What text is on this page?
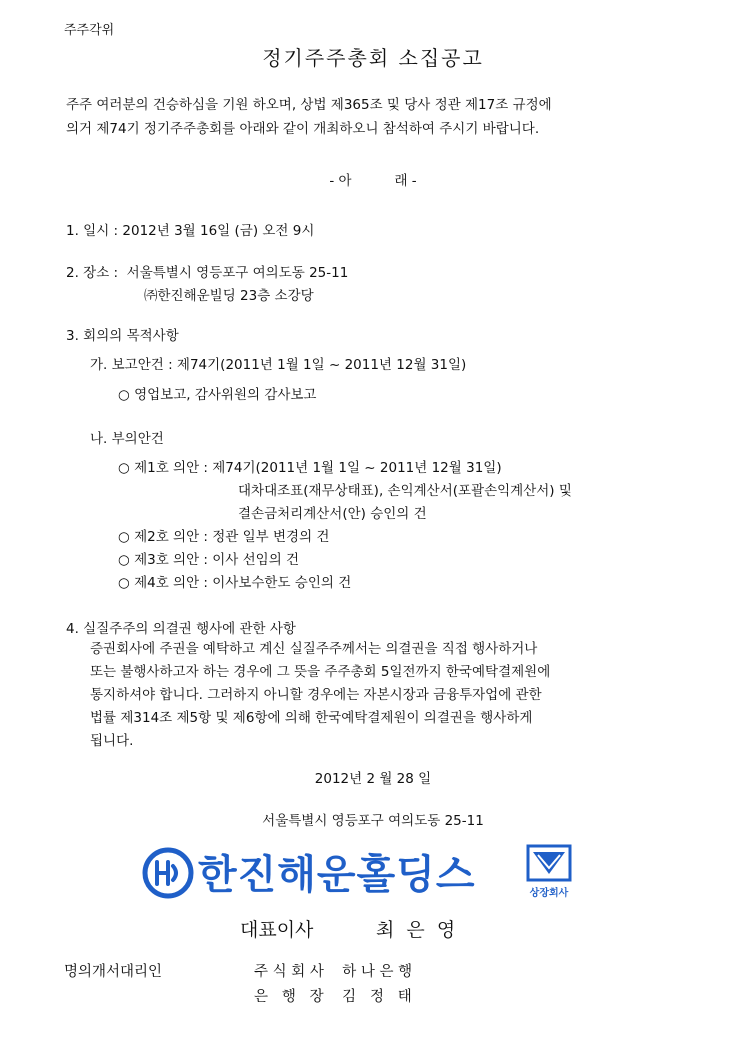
주주각위
정기주주총회 소집공고
주주 여러분의 건승하심을 기원 하오며, 상법 제365조 및 당사 정관 제17조 규정에
의거 제74기 정기주주총회를 아래와 같이 개최하오니 참석하여 주시기 바랍니다.
- 아          래 -
1. 일시 : 2012년 3월 16일 (금) 오전 9시
2. 장소 :  서울특별시 영등포구 여의도동 25-11
㈜한진해운빌딩 23층 소강당
3. 회의의 목적사항
가. 보고안건 : 제74기(2011년 1월 1일 ~ 2011년 12월 31일)
○ 영업보고, 감사위원의 감사보고
나. 부의안건
○ 제1호 의안 : 제74기(2011년 1월 1일 ~ 2011년 12월 31일)
대차대조표(재무상태표), 손익계산서(포괄손익계산서) 및
결손금처리계산서(안) 승인의 건
○ 제2호 의안 : 정관 일부 변경의 건
○ 제3호 의안 : 이사 선임의 건
○ 제4호 의안 : 이사보수한도 승인의 건
4. 실질주주의 의결권 행사에 관한 사항
증권회사에 주권을 예탁하고 계신 실질주주께서는 의결권을 직접 행사하거나
또는 불행사하고자 하는 경우에 그 뜻을 주주총회 5일전까지 한국예탁결제원에
통지하셔야 합니다. 그러하지 아니할 경우에는 자본시장과 금융투자업에 관한
법률 제314조 제5항 및 제6항에 의해 한국예탁결제원이 의결권을 행사하게
됩니다.
2012년 2 월 28 일
서울특별시 영등포구 여의도동 25-11
한진해운홀딩스	상장회사
대표이사	최  은  영
명의개서대리인	주 식 회 사    하 나 은 행
은   행   장    김   정   태
